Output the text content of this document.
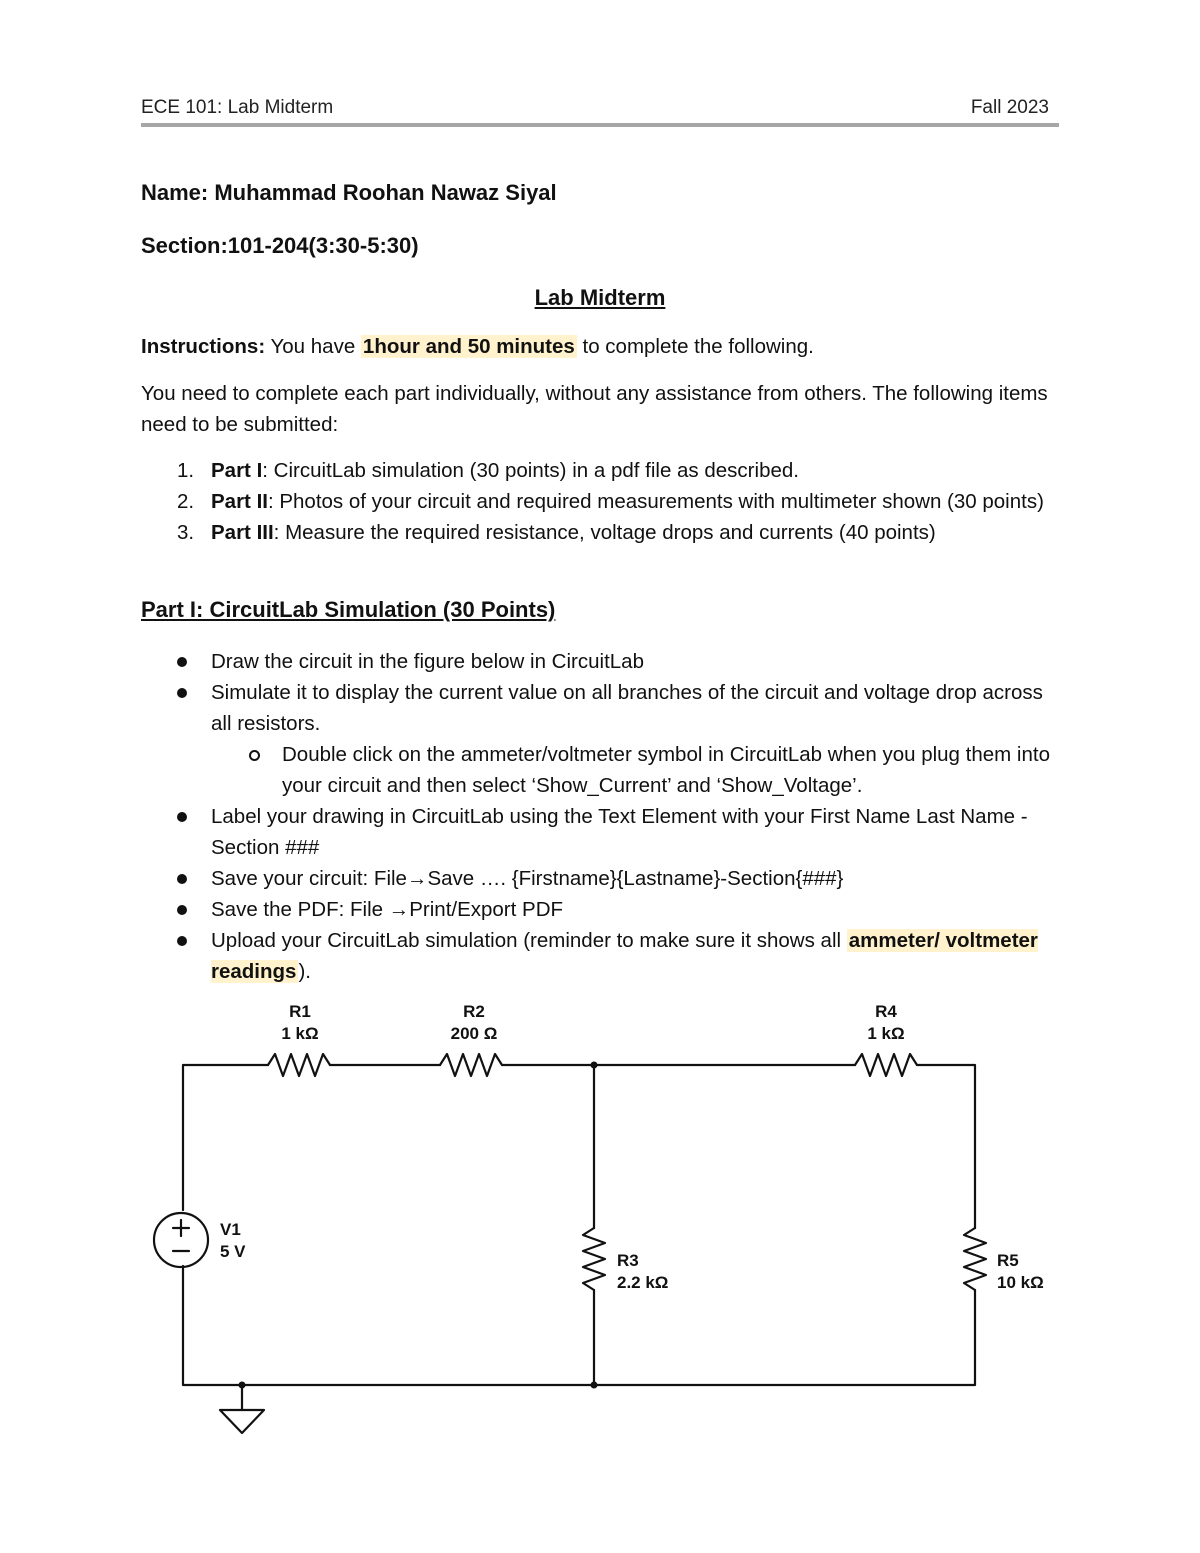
ECE 101: Lab Midterm	Fall 2023
Name: Muhammad Roohan Nawaz Siyal
Section:101-204(3:30-5:30)
Lab Midterm
Instructions: You have 1hour and 50 minutes to complete the following.
You need to complete each part individually, without any assistance from others. The following items need to be submitted:
1. Part I: CircuitLab simulation (30 points) in a pdf file as described.
2. Part II: Photos of your circuit and required measurements with multimeter shown (30 points)
3. Part III: Measure the required resistance, voltage drops and currents (40 points)
Part I: CircuitLab Simulation (30 Points)
Draw the circuit in the figure below in CircuitLab
Simulate it to display the current value on all branches of the circuit and voltage drop across all resistors.
Double click on the ammeter/voltmeter symbol in CircuitLab when you plug them into your circuit and then select ‘Show_Current’ and ‘Show_Voltage’.
Label your drawing in CircuitLab using the Text Element with your First Name Last Name - Section ###
Save your circuit: File→Save …. {Firstname}{Lastname}-Section{###}
Save the PDF: File →Print/Export PDF
Upload your CircuitLab simulation (reminder to make sure it shows all ammeter/ voltmeter readings).
R1
1 kΩ
R2
200 Ω
R4
1 kΩ
R3
2.2 kΩ
R5
10 kΩ
V1
5 V
